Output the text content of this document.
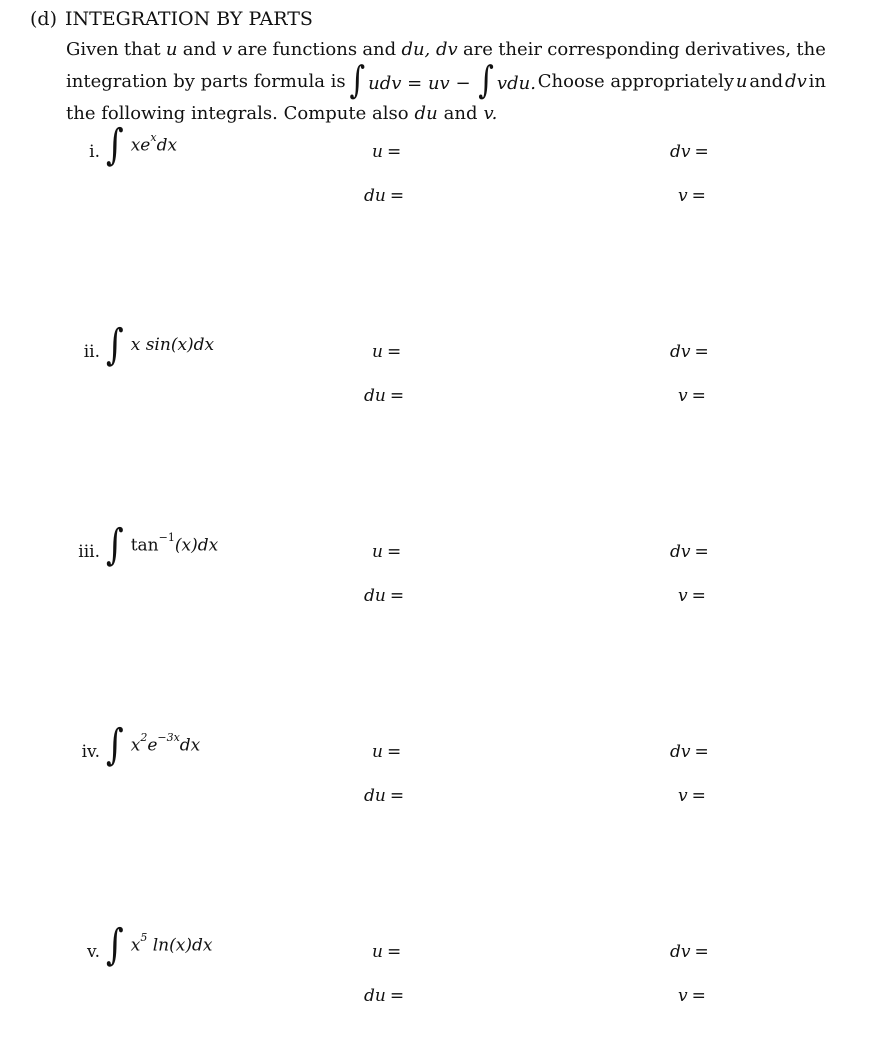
(d) INTEGRATION BY PARTS
Given that u and v are functions and du, dv are their corresponding derivatives, the
integration by parts formula is ∫ udv = uv − ∫ vdu. Choose appropriately u and dv in
the following integrals. Compute also du and v.
i. ∫ $xe^xdx$	u =	dv =
du =	v =
ii. ∫ x sin(x)dx	u =	dv =
du =	v =
iii. ∫ $\tan^{-1}(x)dx$	u =	dv =
du =	v =
iv. ∫ $x^2e^{-3x}dx$	u =	dv =
du =	v =
v. ∫ $x^5$ ln(x)dx	u =	dv =
du =	v =
